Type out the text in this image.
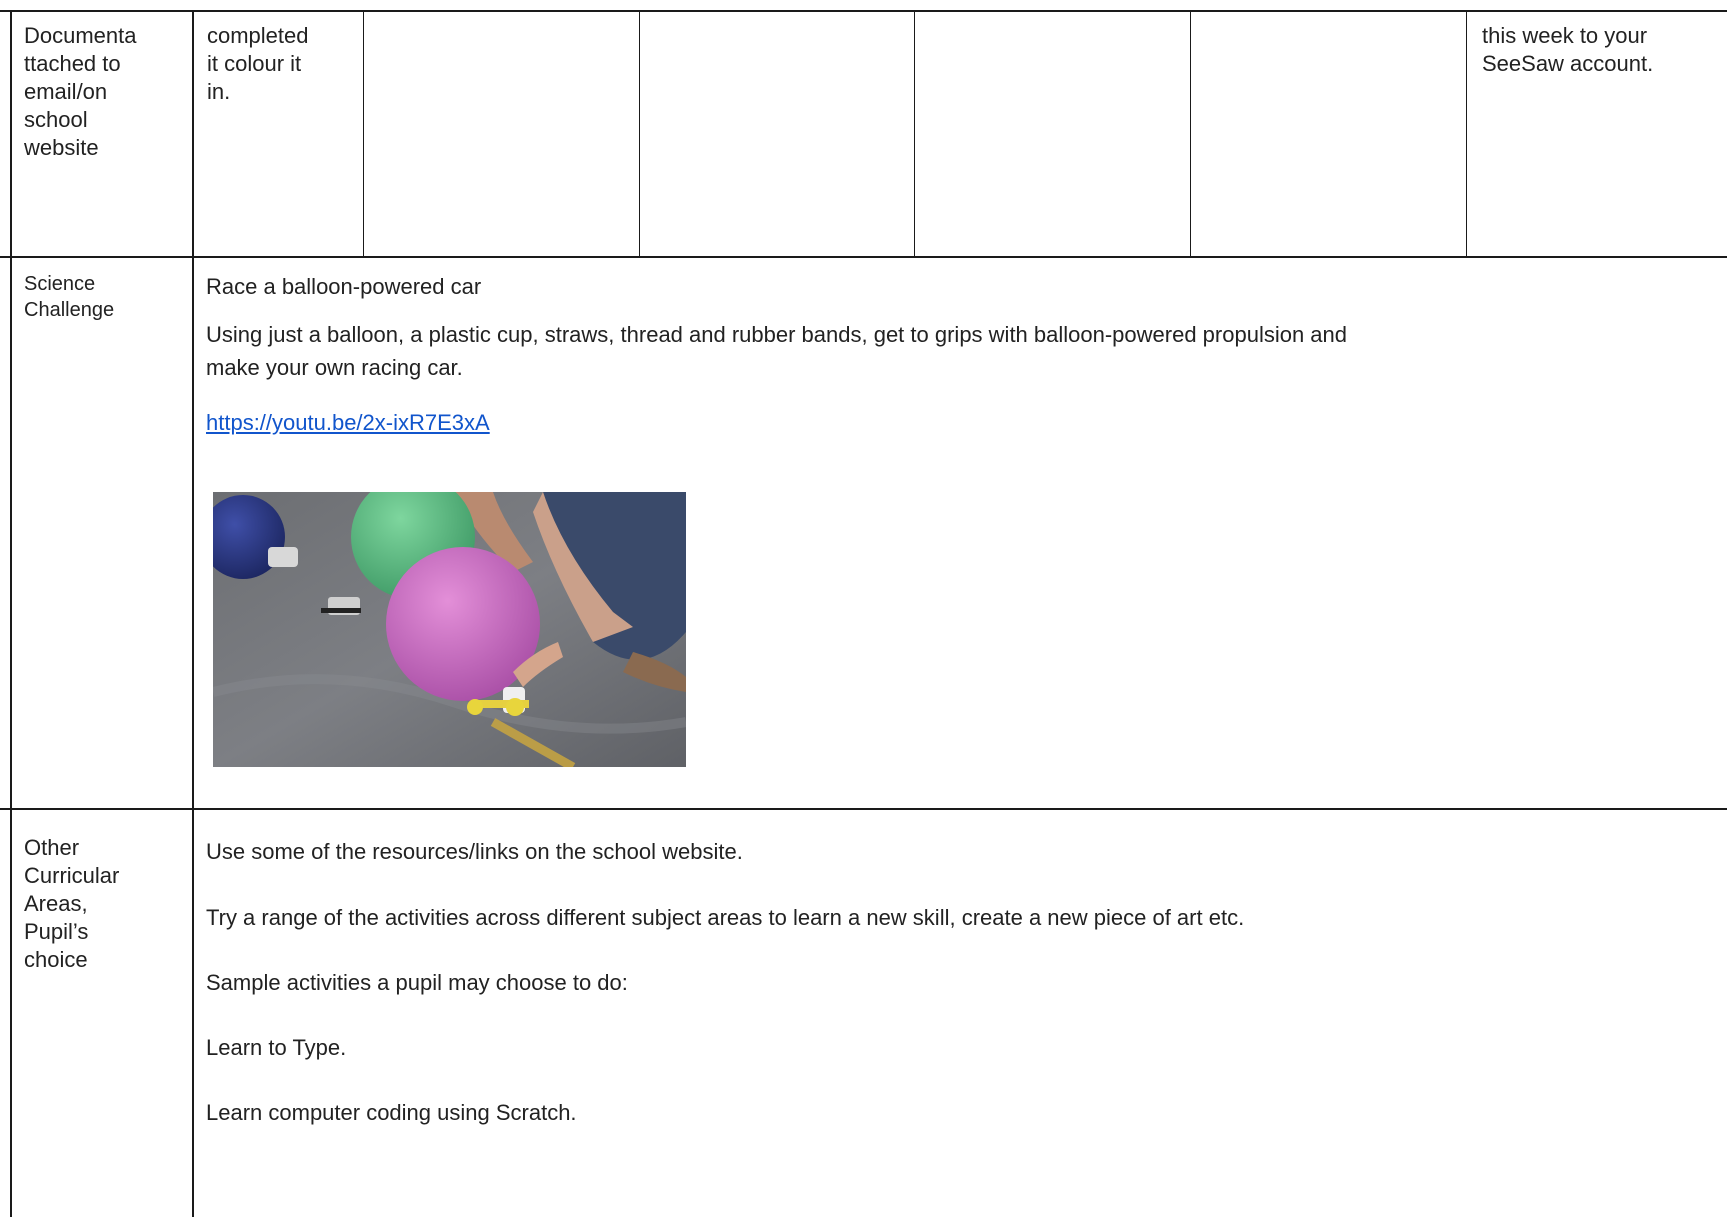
Documenta
ttached to
email/on
school
website
completed
it colour it
in.
this week to your
SeeSaw account.
Science
Challenge
Race a balloon-powered car
Using just a balloon, a plastic cup, straws, thread and rubber bands, get to grips with balloon-powered propulsion and
make your own racing car.
https://youtu.be/2x-ixR7E3xA
Other
Curricular
Areas,
Pupil’s
choice
Use some of the resources/links on the school website.
Try a range of the activities across different subject areas to learn a new skill, create a new piece of art etc.
Sample activities a pupil may choose to do:
Learn to Type.
Learn computer coding using Scratch.
